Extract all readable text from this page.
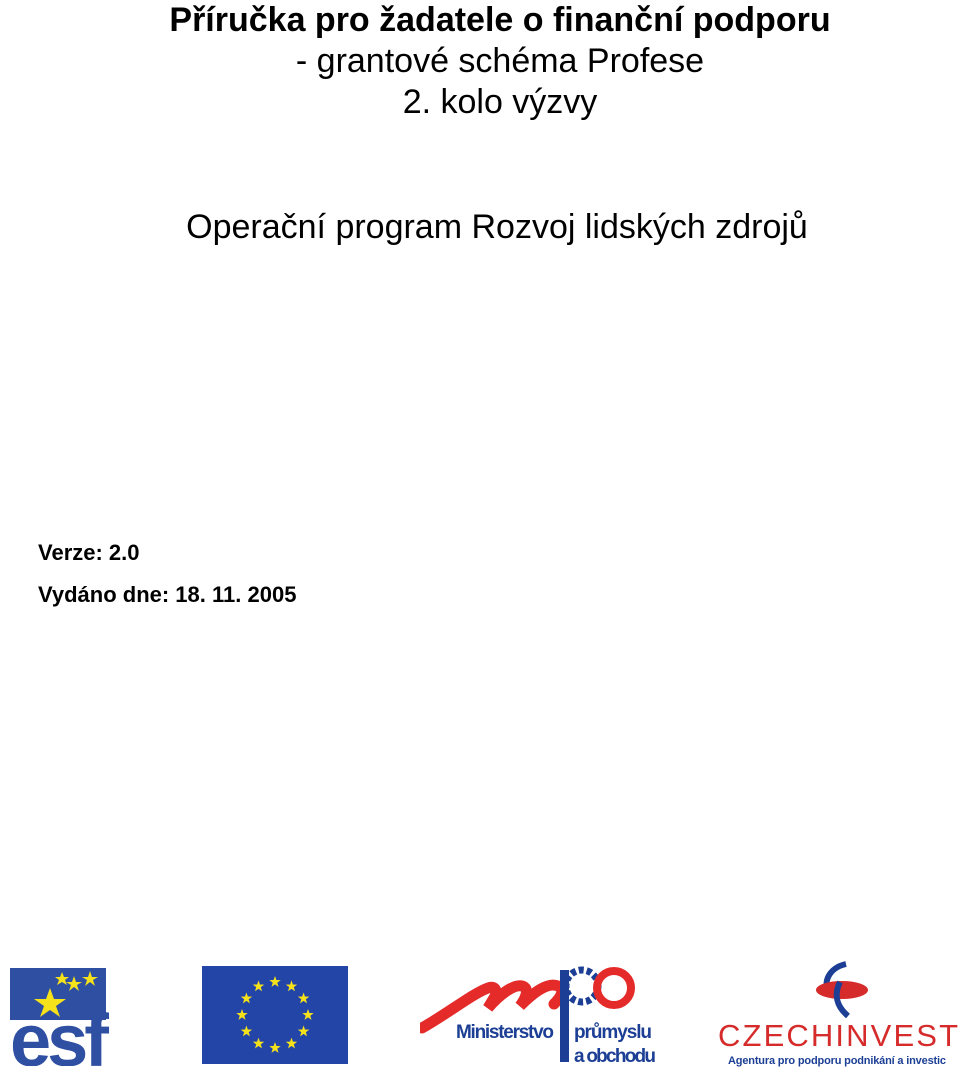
Příručka pro žadatele o finanční podporu
- grantové schéma Profese
2. kolo výzvy
Operační program Rozvoj lidských zdrojů
Verze: 2.0
Vydáno dne: 18. 11. 2005
esf	Ministerstvo průmyslu
a obchodu
CZECHINVEST
Agentura pro podporu podnikání a investic
